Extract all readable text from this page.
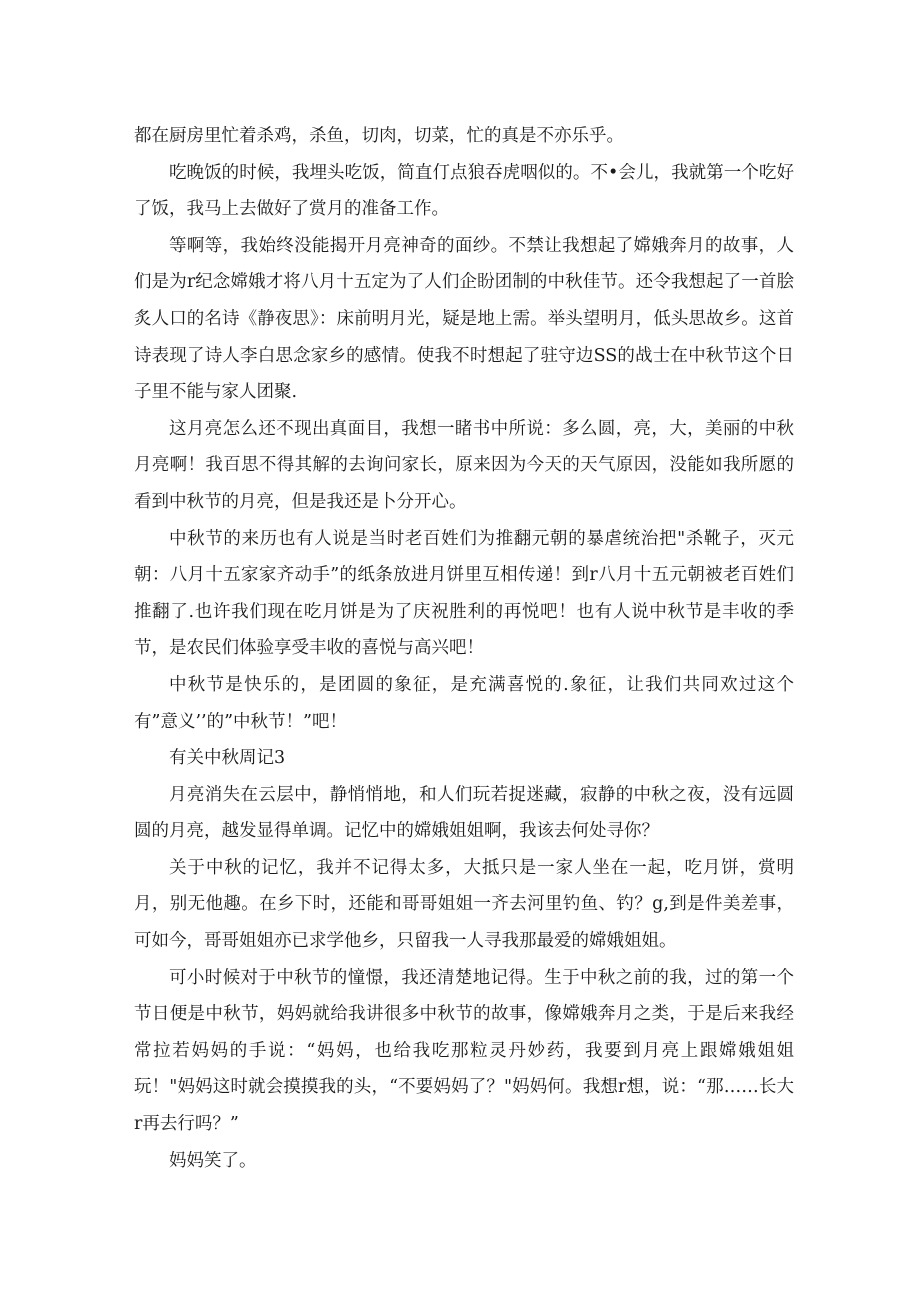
都在厨房里忙着杀鸡，杀鱼，切肉，切菜，忙的真是不亦乐乎。

吃晚饭的时候，我埋头吃饭，简直仃点狼吞虎咽似的。不•会儿，我就第一个吃好了饭，我马上去做好了赏月的准备工作。

等啊等，我始终没能揭开月亮神奇的面纱。不禁让我想起了嫦娥奔月的故事，人们是为r纪念嫦娥才将八月十五定为了人们企盼团制的中秋佳节。还令我想起了一首脍炙人口的名诗《静夜思》：床前明月光，疑是地上需。举头望明月，低头思故乡。这首诗表现了诗人李白思念家乡的感情。使我不时想起了驻守边SS的战士在中秋节这个日子里不能与家人团聚.

这月亮怎么还不现出真面目，我想一睹书中所说：多么圆，亮，大，美丽的中秋月亮啊！我百思不得其解的去询问家长，原来因为今天的天气原因，没能如我所愿的看到中秋节的月亮，但是我还是卜分开心。

中秋节的来历也有人说是当时老百姓们为推翻元朝的暴虐统治把"杀靴子，灭元朝：八月十五家家齐动手”的纸条放进月饼里互相传递！到r八月十五元朝被老百姓们推翻了.也许我们现在吃月饼是为了庆祝胜利的再悦吧！也有人说中秋节是丰收的季节，是农民们体验享受丰收的喜悦与高兴吧！

中秋节是快乐的，是团圆的象征，是充满喜悦的.象征，让我们共同欢过这个有”意义’’的”中秋节！”吧！

有关中秋周记3

月亮消失在云层中，静悄悄地，和人们玩若捉迷藏，寂静的中秋之夜，没有远圆圆的月亮，越发显得单调。记忆中的嫦娥姐姐啊，我该去何处寻你？

关于中秋的记忆，我并不记得太多，大抵只是一家人坐在一起，吃月饼，赏明月，别无他趣。在乡下时，还能和哥哥姐姐一齐去河里钓鱼、钓？g,到是件美差事，可如今，哥哥姐姐亦已求学他乡，只留我一人寻我那最爱的嫦娥姐姐。

可小时候对于中秋节的憧憬，我还清楚地记得。生于中秋之前的我，过的第一个节日便是中秋节，妈妈就给我讲很多中秋节的故事，像嫦娥奔月之类，于是后来我经常拉若妈妈的手说：“妈妈，也给我吃那粒灵丹妙药，我要到月亮上跟嫦娥姐姐玩！"妈妈这时就会摸摸我的头，“不要妈妈了？"妈妈何。我想r想，说：“那……长大r再去行吗？”

妈妈笑了。
